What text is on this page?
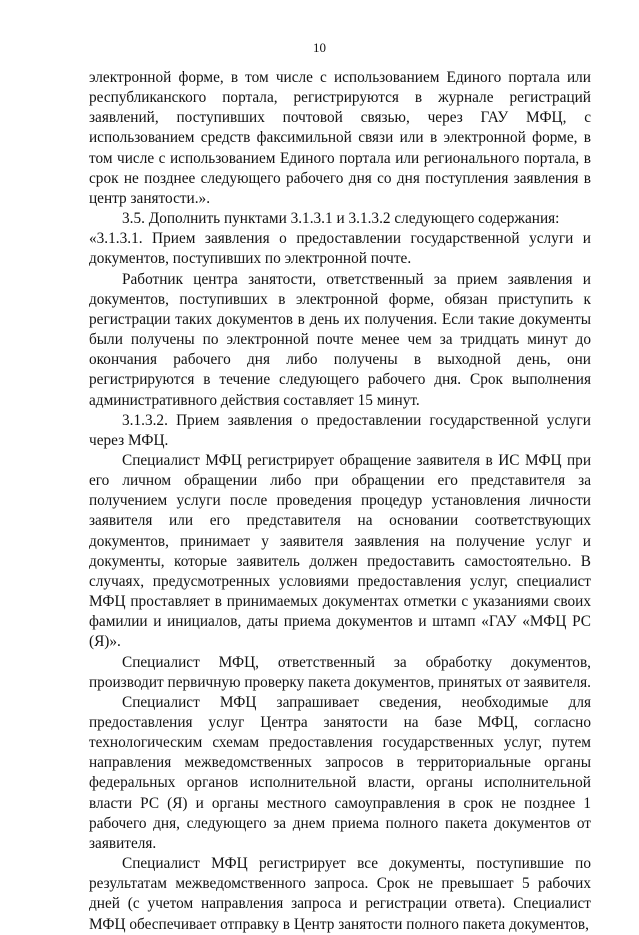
10

электронной форме, в том числе с использованием Единого портала или республиканского портала, регистрируются в журнале регистраций заявлений, поступивших почтовой связью, через ГАУ МФЦ, с использованием средств факсимильной связи или в электронной форме, в том числе с использованием Единого портала или регионального портала, в срок не позднее следующего рабочего дня со дня поступления заявления в центр занятости.».

3.5. Дополнить пунктами 3.1.3.1 и 3.1.3.2 следующего содержания:

«3.1.3.1. Прием заявления о предоставлении государственной услуги и документов, поступивших по электронной почте.

Работник центра занятости, ответственный за прием заявления и документов, поступивших в электронной форме, обязан приступить к регистрации таких документов в день их получения. Если такие документы были получены по электронной почте менее чем за тридцать минут до окончания рабочего дня либо получены в выходной день, они регистрируются в течение следующего рабочего дня. Срок выполнения административного действия составляет 15 минут.

3.1.3.2. Прием заявления о предоставлении государственной услуги через МФЦ.

Специалист МФЦ регистрирует обращение заявителя в ИС МФЦ при его личном обращении либо при обращении его представителя за получением услуги после проведения процедур установления личности заявителя или его представителя на основании соответствующих документов, принимает у заявителя заявления на получение услуг и документы, которые заявитель должен предоставить самостоятельно. В случаях, предусмотренных условиями предоставления услуг, специалист МФЦ проставляет в принимаемых документах отметки с указаниями своих фамилии и инициалов, даты приема документов и штамп «ГАУ «МФЦ РС (Я)».

Специалист МФЦ, ответственный за обработку документов, производит первичную проверку пакета документов, принятых от заявителя.

Специалист МФЦ запрашивает сведения, необходимые для предоставления услуг Центра занятости на базе МФЦ, согласно технологическим схемам предоставления государственных услуг, путем направления межведомственных запросов в территориальные органы федеральных органов исполнительной власти, органы исполнительной власти РС (Я) и органы местного самоуправления в срок не позднее 1 рабочего дня, следующего за днем приема полного пакета документов от заявителя.

Специалист МФЦ регистрирует все документы, поступившие по результатам межведомственного запроса. Срок не превышает 5 рабочих дней (с учетом направления запроса и регистрации ответа). Специалист МФЦ обеспечивает отправку в Центр занятости полного пакета документов,
